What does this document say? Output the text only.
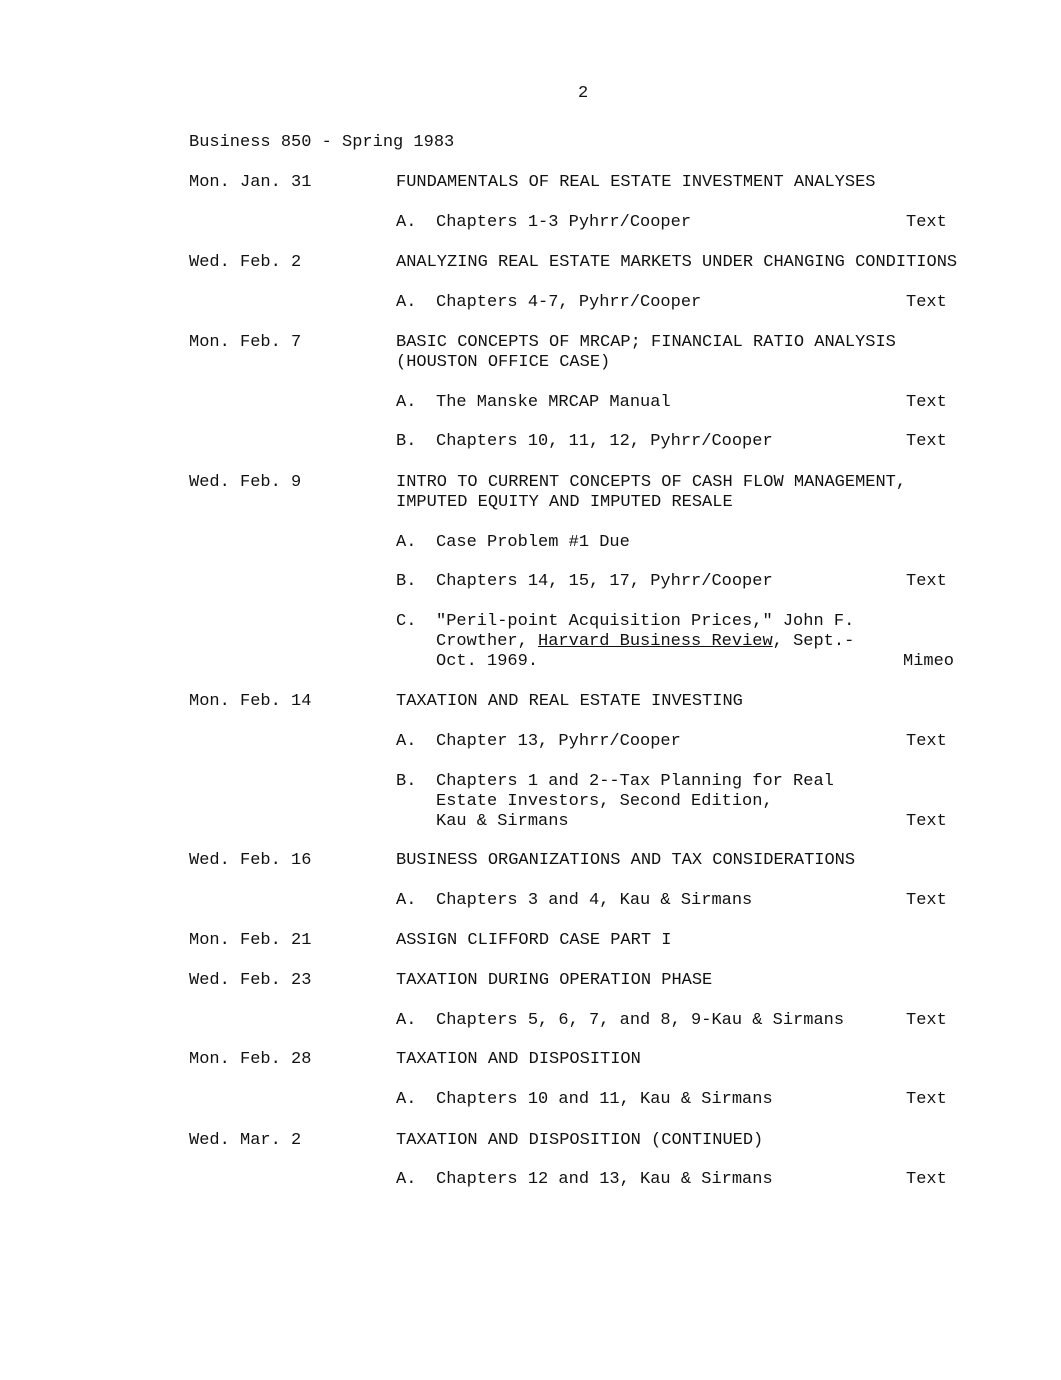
2
Business 850 - Spring 1983
Mon. Jan. 31	FUNDAMENTALS OF REAL ESTATE INVESTMENT ANALYSES
A. Chapters 1-3 Pyhrr/Cooper	Text
Wed. Feb. 2	ANALYZING REAL ESTATE MARKETS UNDER CHANGING CONDITIONS
A. Chapters 4-7, Pyhrr/Cooper	Text
Mon. Feb. 7	BASIC CONCEPTS OF MRCAP; FINANCIAL RATIO ANALYSIS
(HOUSTON OFFICE CASE)
A. The Manske MRCAP Manual	Text
B. Chapters 10, 11, 12, Pyhrr/Cooper	Text
Wed. Feb. 9	INTRO TO CURRENT CONCEPTS OF CASH FLOW MANAGEMENT,
IMPUTED EQUITY AND IMPUTED RESALE
A. Case Problem #1 Due
B. Chapters 14, 15, 17, Pyhrr/Cooper	Text
C. "Peril-point Acquisition Prices," John F.
Crowther, Harvard Business Review, Sept.-
Oct. 1969.	Mimeo
Mon. Feb. 14	TAXATION AND REAL ESTATE INVESTING
A. Chapter 13, Pyhrr/Cooper	Text
B. Chapters 1 and 2--Tax Planning for Real
Estate Investors, Second Edition,
Kau & Sirmans	Text
Wed. Feb. 16	BUSINESS ORGANIZATIONS AND TAX CONSIDERATIONS
A. Chapters 3 and 4, Kau & Sirmans	Text
Mon. Feb. 21	ASSIGN CLIFFORD CASE PART I
Wed. Feb. 23	TAXATION DURING OPERATION PHASE
A. Chapters 5, 6, 7, and 8, 9-Kau & Sirmans	Text
Mon. Feb. 28	TAXATION AND DISPOSITION
A. Chapters 10 and 11, Kau & Sirmans	Text
Wed. Mar. 2	TAXATION AND DISPOSITION (CONTINUED)
A. Chapters 12 and 13, Kau & Sirmans	Text
